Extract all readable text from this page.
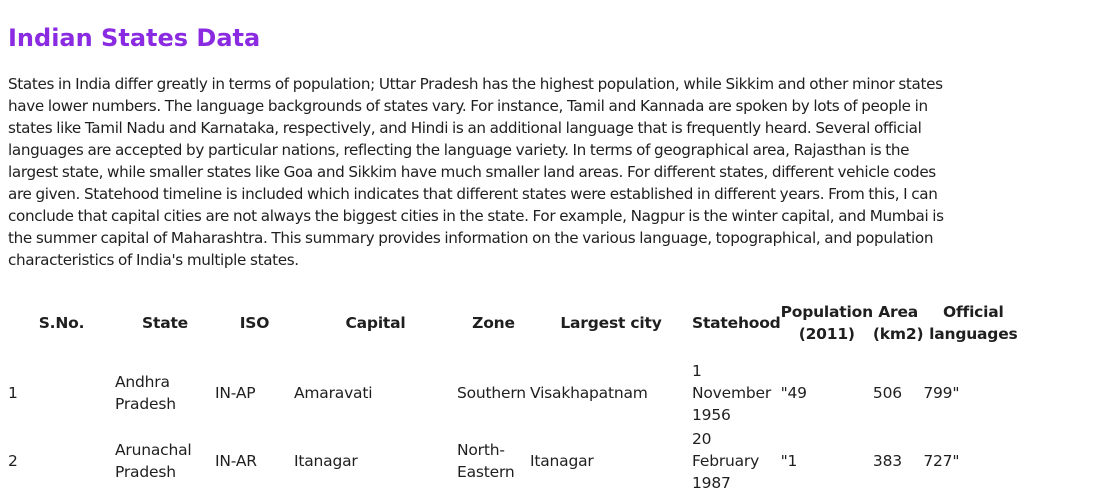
Indian States Data

States in India differ greatly in terms of population; Uttar Pradesh has the highest population, while Sikkim and other minor states have lower numbers. The language backgrounds of states vary. For instance, Tamil and Kannada are spoken by lots of people in states like Tamil Nadu and Karnataka, respectively, and Hindi is an additional language that is frequently heard. Several official languages are accepted by particular nations, reflecting the language variety. In terms of geographical area, Rajasthan is the largest state, while smaller states like Goa and Sikkim have much smaller land areas. For different states, different vehicle codes are given. Statehood timeline is included which indicates that different states were established in different years. From this, I can conclude that capital cities are not always the biggest cities in the state. For example, Nagpur is the winter capital, and Mumbai is the summer capital of Maharashtra. This summary provides information on the various language, topographical, and population characteristics of India's multiple states.

S.No.	State	ISO	Capital	Zone	Largest city	Statehood	Population (2011)	Area (km2)	Official languages
1	Andhra Pradesh	IN-AP	Amaravati	Southern	Visakhapatnam	1 November 1956	"49	506	799"
2	Arunachal Pradesh	IN-AR	Itanagar	North-Eastern	Itanagar	20 February 1987	"1	383	727"
